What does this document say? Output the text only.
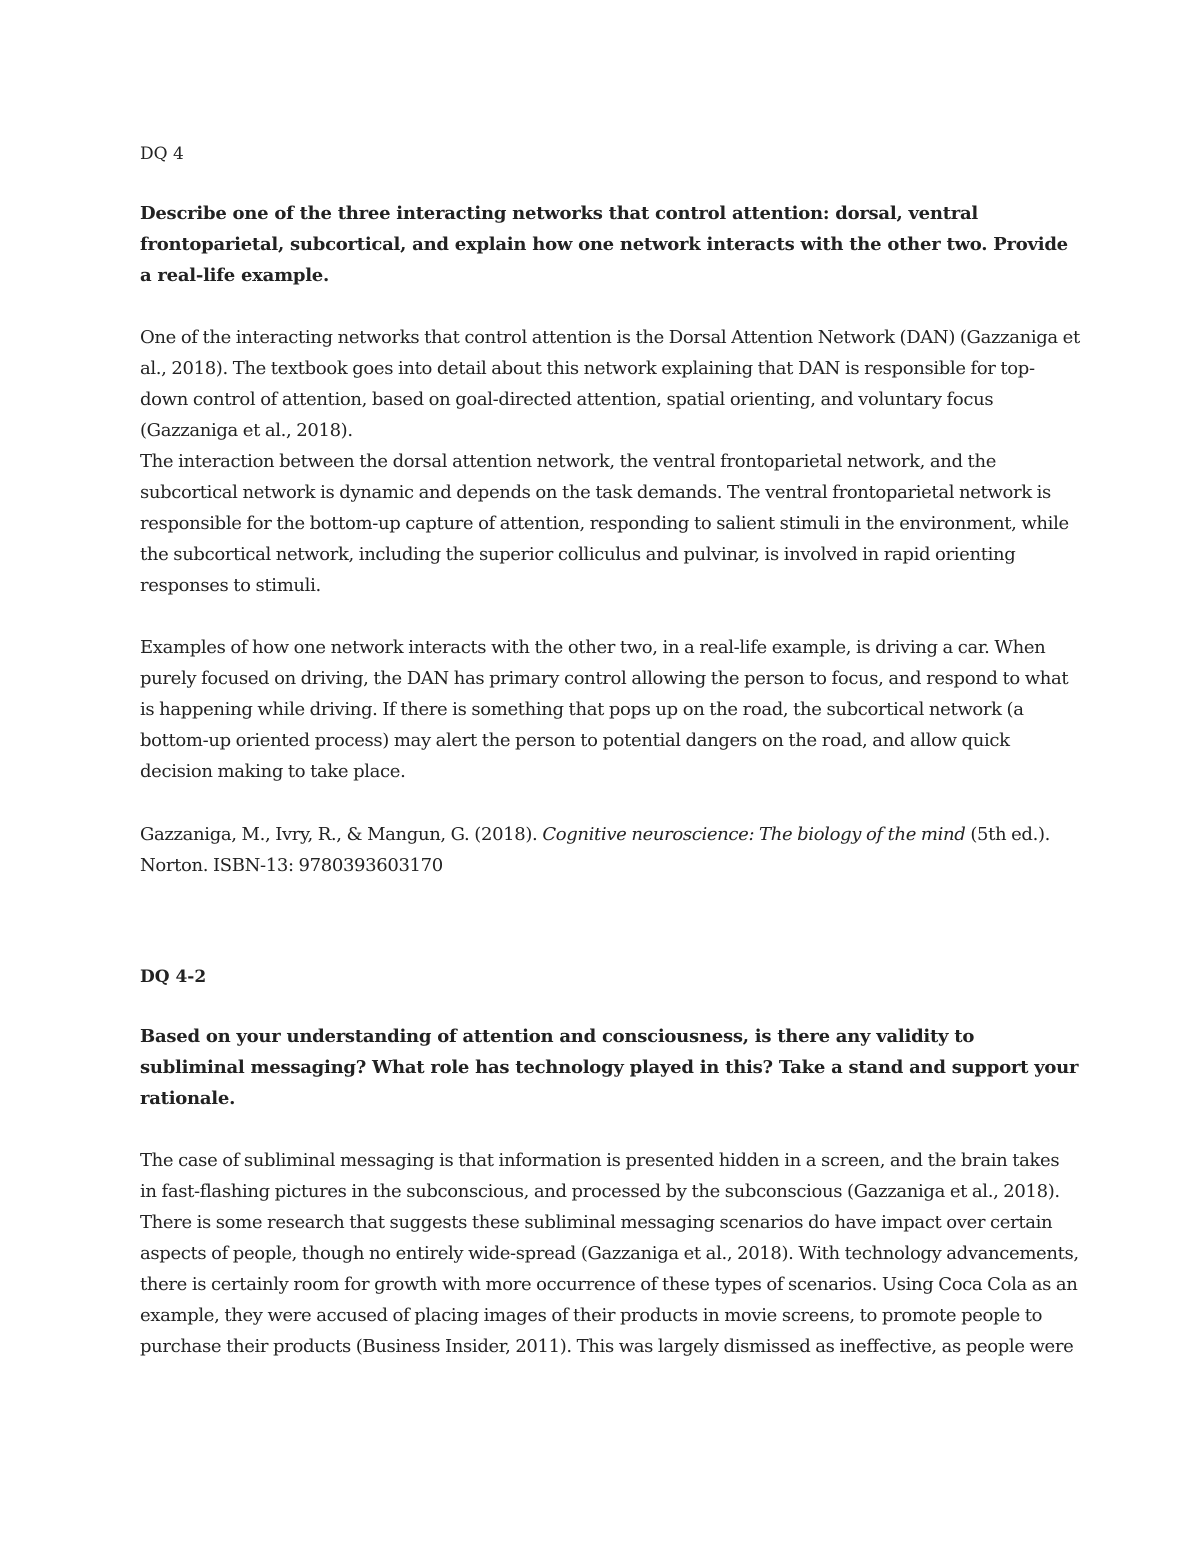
DQ 4
Describe one of the three interacting networks that control attention: dorsal, ventral frontoparietal, subcortical, and explain how one network interacts with the other two. Provide a real-life example.

One of the interacting networks that control attention is the Dorsal Attention Network (DAN) (Gazzaniga et al., 2018). The textbook goes into detail about this network explaining that DAN is responsible for top-down control of attention, based on goal-directed attention, spatial orienting, and voluntary focus (Gazzaniga et al., 2018).

The interaction between the dorsal attention network, the ventral frontoparietal network, and the subcortical network is dynamic and depends on the task demands. The ventral frontoparietal network is responsible for the bottom-up capture of attention, responding to salient stimuli in the environment, while the subcortical network, including the superior colliculus and pulvinar, is involved in rapid orienting responses to stimuli.

Examples of how one network interacts with the other two, in a real-life example, is driving a car. When purely focused on driving, the DAN has primary control allowing the person to focus, and respond to what is happening while driving. If there is something that pops up on the road, the subcortical network (a bottom-up oriented process) may alert the person to potential dangers on the road, and allow quick decision making to take place.
Gazzaniga, M., Ivry, R., & Mangun, G. (2018). Cognitive neuroscience: The biology of the mind (5th ed.). Norton. ISBN-13: 9780393603170
DQ 4-2
Based on your understanding of attention and consciousness, is there any validity to subliminal messaging? What role has technology played in this? Take a stand and support your rationale.
The case of subliminal messaging is that information is presented hidden in a screen, and the brain takes in fast-flashing pictures in the subconscious, and processed by the subconscious (Gazzaniga et al., 2018). There is some research that suggests these subliminal messaging scenarios do have impact over certain aspects of people, though no entirely wide-spread (Gazzaniga et al., 2018). With technology advancements, there is certainly room for growth with more occurrence of these types of scenarios. Using Coca Cola as an example, they were accused of placing images of their products in movie screens, to promote people to purchase their products (Business Insider, 2011). This was largely dismissed as ineffective, as people were
